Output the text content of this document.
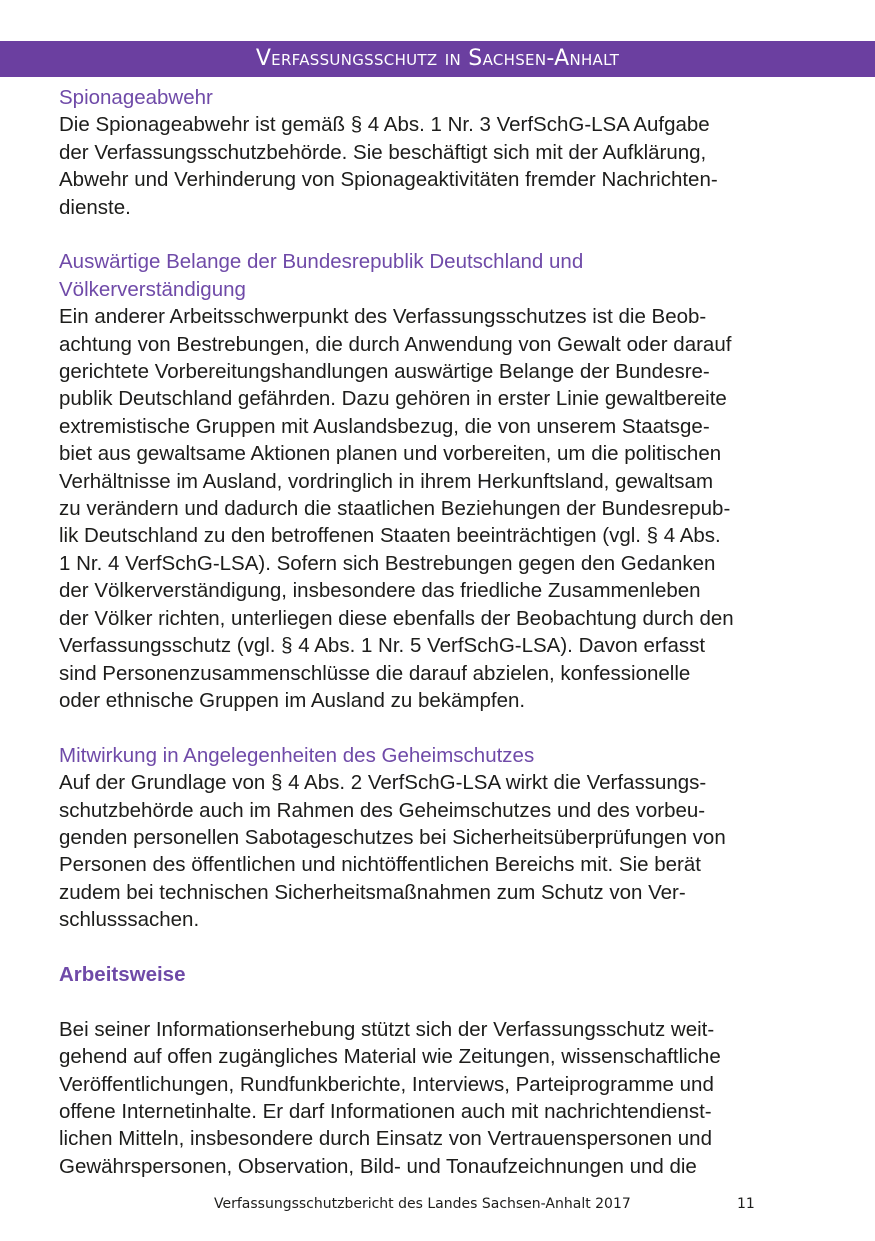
Verfassungsschutz in Sachsen-Anhalt

Spionageabwehr

Die Spionageabwehr ist gemäß § 4 Abs. 1 Nr. 3 VerfSchG-LSA Aufgabe

der Verfassungsschutzbehörde. Sie beschäftigt sich mit der Aufklärung,

Abwehr und Verhinderung von Spionageaktivitäten fremder Nachrichten-

dienste.

Auswärtige Belange der Bundesrepublik Deutschland und

Völkerverständigung

Ein anderer Arbeitsschwerpunkt des Verfassungsschutzes ist die Beob-

achtung von Bestrebungen, die durch Anwendung von Gewalt oder darauf

gerichtete Vorbereitungshandlungen auswärtige Belange der Bundesre-

publik Deutschland gefährden. Dazu gehören in erster Linie gewaltbereite

extremistische Gruppen mit Auslandsbezug, die von unserem Staatsge-

biet aus gewaltsame Aktionen planen und vorbereiten, um die politischen

Verhältnisse im Ausland, vordringlich in ihrem Herkunftsland, gewaltsam

zu verändern und dadurch die staatlichen Beziehungen der Bundesrepub-

lik Deutschland zu den betroffenen Staaten beeinträchtigen (vgl. § 4 Abs.

1 Nr. 4 VerfSchG-LSA). Sofern sich Bestrebungen gegen den Gedanken

der Völkerverständigung, insbesondere das friedliche Zusammenleben

der Völker richten, unterliegen diese ebenfalls der Beobachtung durch den

Verfassungsschutz (vgl. § 4 Abs. 1 Nr. 5 VerfSchG-LSA). Davon erfasst

sind Personenzusammenschlüsse die darauf abzielen, konfessionelle

oder ethnische Gruppen im Ausland zu bekämpfen.

Mitwirkung in Angelegenheiten des Geheimschutzes

Auf der Grundlage von § 4 Abs. 2 VerfSchG-LSA wirkt die Verfassungs-

schutzbehörde auch im Rahmen des Geheimschutzes und des vorbeu-

genden personellen Sabotageschutzes bei Sicherheitsüberprüfungen von

Personen des öffentlichen und nichtöffentlichen Bereichs mit. Sie berät

zudem bei technischen Sicherheitsmaßnahmen zum Schutz von Ver-

schlusssachen.

Arbeitsweise

Bei seiner Informationserhebung stützt sich der Verfassungsschutz weit-

gehend auf offen zugängliches Material wie Zeitungen, wissenschaftliche

Veröffentlichungen, Rundfunkberichte, Interviews, Parteiprogramme und

offene Internetinhalte. Er darf Informationen auch mit nachrichtendienst-

lichen Mitteln, insbesondere durch Einsatz von Vertrauenspersonen und

Gewährspersonen, Observation, Bild- und Tonaufzeichnungen und die

Verfassungsschutzbericht des Landes Sachsen-Anhalt 2017	11
